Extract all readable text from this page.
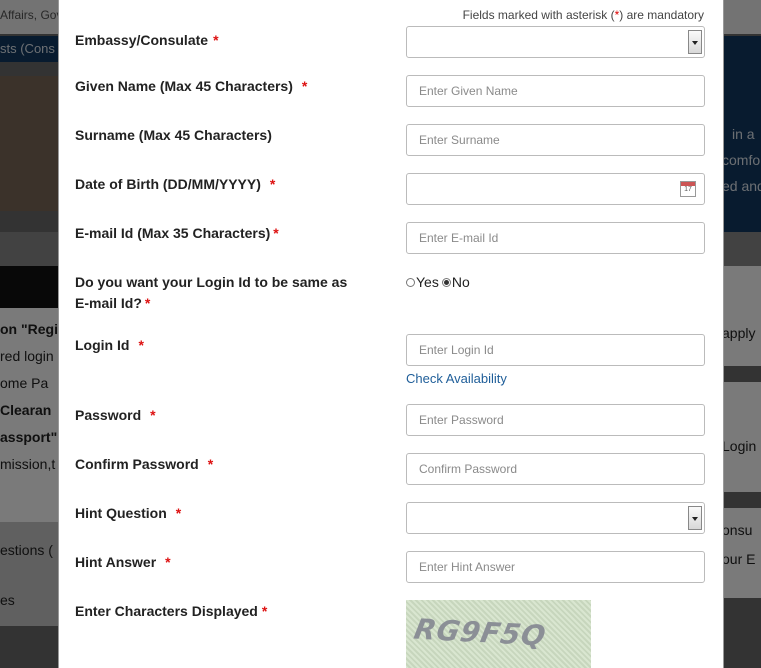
Fields marked with asterisk (*) are mandatory
Embassy/Consulate *
Given Name (Max 45 Characters) *
Enter Given Name
Surname (Max 45 Characters)
Enter Surname
Date of Birth (DD/MM/YYYY) *	17
E-mail Id (Max 35 Characters) *
Enter E-mail Id
Do you want your Login Id to be same as
E-mail Id? *
Yes No
Login Id *
Enter Login Id
Check Availability
Password *
Confirm Password *
Hint Question *
Hint Answer *
Enter Hint Answer
Enter Characters Displayed *
RG9F5Q
